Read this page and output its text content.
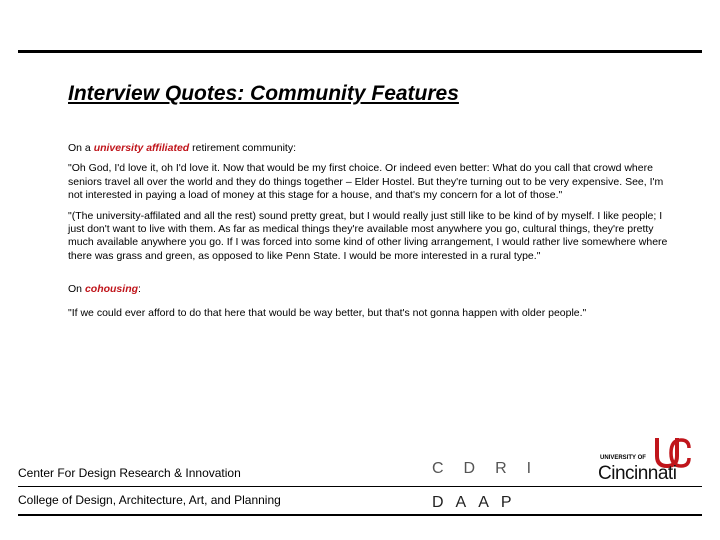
Interview Quotes: Community Features

On a university affiliated retirement community:

"Oh God, I'd love it, oh I'd love it. Now that would be my first choice. Or indeed even better: What do you call that crowd where seniors travel all over the world and they do things together – Elder Hostel. But they're turning out to be very expensive. See, I'm not interested in paying a load of money at this stage for a house, and that's my concern for a lot of those."

"(The university-affilated and all the rest) sound pretty great, but I would really just still like to be kind of by myself. I like people; I just don't want to live with them. As far as medical things they're available most anywhere you go, cultural things, they're pretty much available anywhere you go. If I was forced into some kind of other living arrangement, I would rather live somewhere where there was grass and green, as opposed to like Penn State. I would be more interested in a rural type."

On cohousing:

"If we could ever afford to do that here that would be way better, but that's not gonna happen with older people."

Center For Design Research & Innovation
College of Design, Architecture, Art, and Planning
CDRI
DAAP
UNIVERSITY OF
Cincinnati
